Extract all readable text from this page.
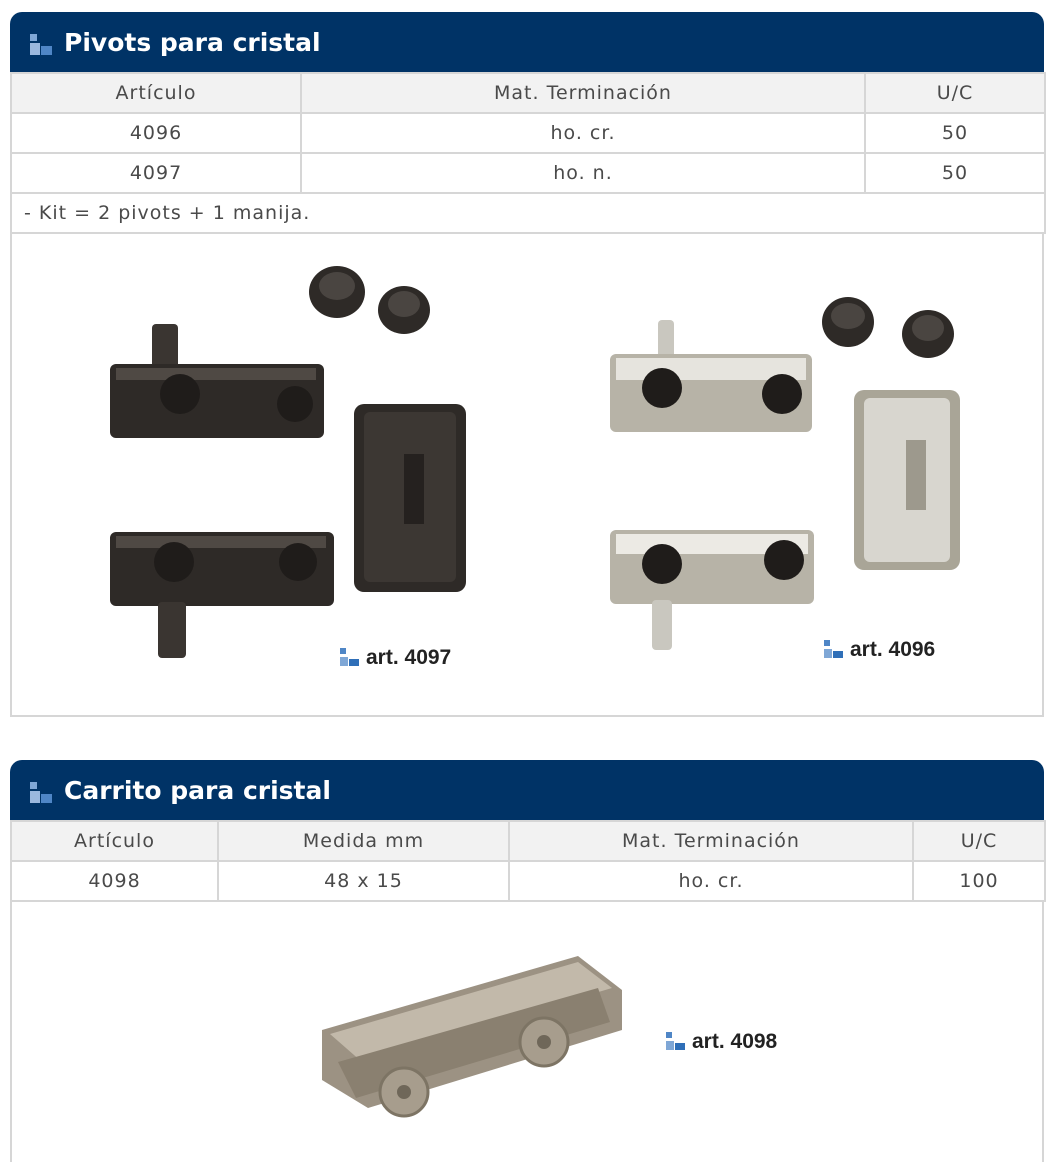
Pivots para cristal
Artículo	Mat. Terminación	U/C
4096	ho. cr.	50
4097	ho. n.	50
- Kit = 2 pivots + 1 manija.		
art. 4097	art. 4096
Carrito para cristal
Artículo	Medida mm	Mat. Terminación	U/C
4098	48 x 15	ho. cr.	100
art. 4098
